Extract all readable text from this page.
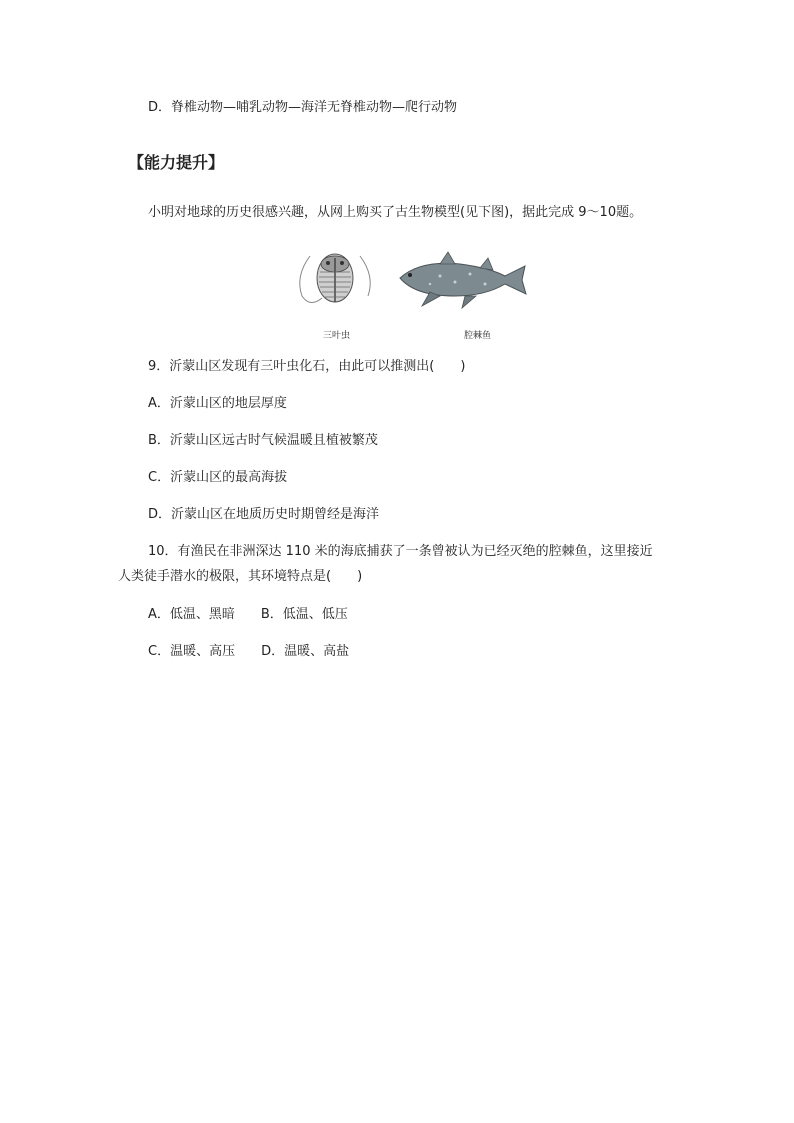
D．脊椎动物—哺乳动物—海洋无脊椎动物—爬行动物
【能力提升】
小明对地球的历史很感兴趣，从网上购买了古生物模型(见下图)，据此完成 9～10题。
三叶虫	腔棘鱼
9．沂蒙山区发现有三叶虫化石，由此可以推测出(　　)
A．沂蒙山区的地层厚度
B．沂蒙山区远古时气候温暖且植被繁茂
C．沂蒙山区的最高海拔
D．沂蒙山区在地质历史时期曾经是海洋
10．有渔民在非洲深达 110 米的海底捕获了一条曾被认为已经灭绝的腔棘鱼，这里接近
人类徒手潜水的极限，其环境特点是(　　)
A．低温、黑暗　　B．低温、低压
C．温暖、高压　　D．温暖、高盐
